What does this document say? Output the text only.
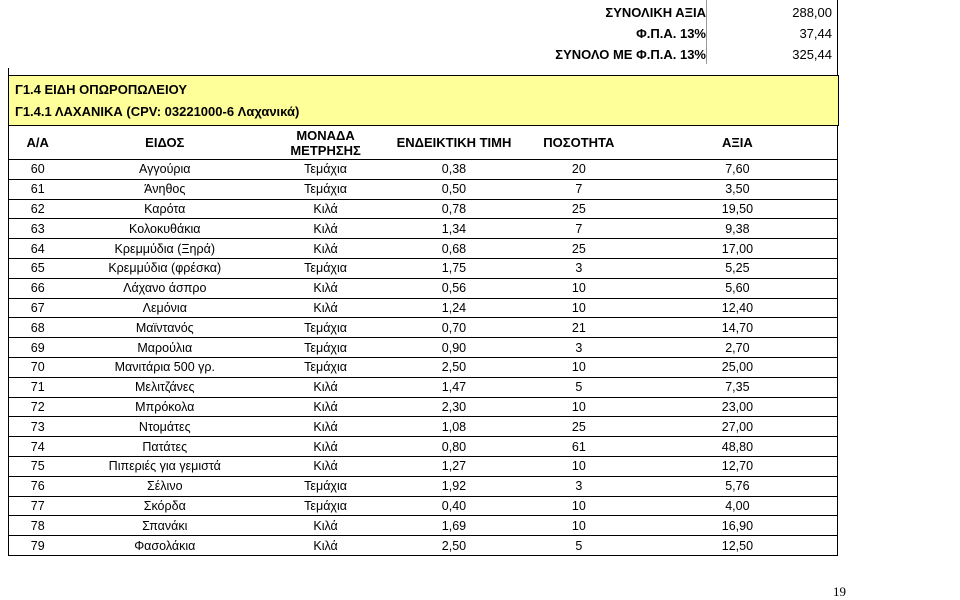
ΣΥΝΟΛΙΚΗ ΑΞΙΑ	288,00
Φ.Π.Α. 13%	37,44
ΣΥΝΟΛΟ ΜΕ Φ.Π.Α. 13%	325,44
Γ1.4 ΕΙΔΗ ΟΠΩΡΟΠΩΛΕΙΟΥ
Γ1.4.1 ΛΑΧΑΝΙΚΑ (CPV: 03221000-6 Λαχανικά)
Α/Α	ΕΙΔΟΣ	ΜΟΝΑΔΑ
ΜΕΤΡΗΣΗΣ	ΕΝΔΕΙΚΤΙΚΗ ΤΙΜΗ	ΠΟΣΟΤΗΤΑ	ΑΞΙΑ
60	Αγγούρια	Τεμάχια	0,38	20	7,60
61	Άνηθος	Τεμάχια	0,50	7	3,50
62	Καρότα	Κιλά	0,78	25	19,50
63	Κολοκυθάκια	Κιλά	1,34	7	9,38
64	Κρεμμύδια (Ξηρά)	Κιλά	0,68	25	17,00
65	Κρεμμύδια (φρέσκα)	Τεμάχια	1,75	3	5,25
66	Λάχανο άσπρο	Κιλά	0,56	10	5,60
67	Λεμόνια	Κιλά	1,24	10	12,40
68	Μαϊντανός	Τεμάχια	0,70	21	14,70
69	Μαρούλια	Τεμάχια	0,90	3	2,70
70	Μανιτάρια 500 γρ.	Τεμάχια	2,50	10	25,00
71	Μελιτζάνες	Κιλά	1,47	5	7,35
72	Μπρόκολα	Κιλά	2,30	10	23,00
73	Ντομάτες	Κιλά	1,08	25	27,00
74	Πατάτες	Κιλά	0,80	61	48,80
75	Πιπεριές για γεμιστά	Κιλά	1,27	10	12,70
76	Σέλινο	Τεμάχια	1,92	3	5,76
77	Σκόρδα	Τεμάχια	0,40	10	4,00
78	Σπανάκι	Κιλά	1,69	10	16,90
79	Φασολάκια	Κιλά	2,50	5	12,50
19
